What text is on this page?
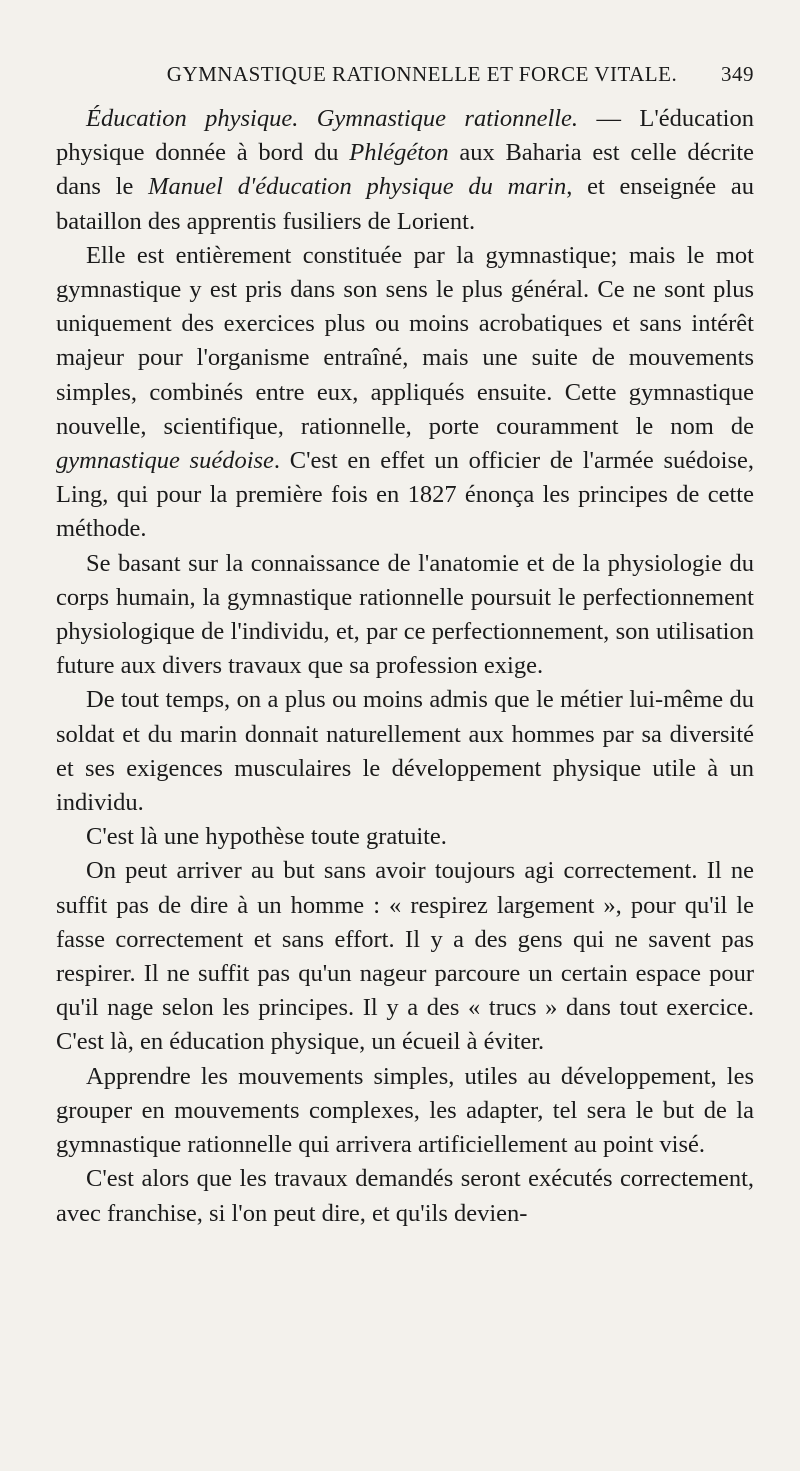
GYMNASTIQUE RATIONNELLE ET FORCE VITALE.	349

Éducation physique. Gymnastique rationnelle. — L'éducation physique donnée à bord du Phlégéton aux Baharia est celle décrite dans le Manuel d'éducation physique du marin, et enseignée au bataillon des apprentis fusiliers de Lorient.

Elle est entièrement constituée par la gymnastique; mais le mot gymnastique y est pris dans son sens le plus général. Ce ne sont plus uniquement des exercices plus ou moins acrobatiques et sans intérêt majeur pour l'organisme entraîné, mais une suite de mouvements simples, combinés entre eux, appliqués ensuite. Cette gymnastique nouvelle, scientifique, rationnelle, porte couramment le nom de gymnastique suédoise. C'est en effet un officier de l'armée suédoise, Ling, qui pour la première fois en 1827 énonça les principes de cette méthode.

Se basant sur la connaissance de l'anatomie et de la physiologie du corps humain, la gymnastique rationnelle poursuit le perfectionnement physiologique de l'individu, et, par ce perfectionnement, son utilisation future aux divers travaux que sa profession exige.

De tout temps, on a plus ou moins admis que le métier lui-même du soldat et du marin donnait naturellement aux hommes par sa diversité et ses exigences musculaires le développement physique utile à un individu.

C'est là une hypothèse toute gratuite.

On peut arriver au but sans avoir toujours agi correctement. Il ne suffit pas de dire à un homme : « respirez largement », pour qu'il le fasse correctement et sans effort. Il y a des gens qui ne savent pas respirer. Il ne suffit pas qu'un nageur parcoure un certain espace pour qu'il nage selon les principes. Il y a des « trucs » dans tout exercice. C'est là, en éducation physique, un écueil à éviter.

Apprendre les mouvements simples, utiles au développement, les grouper en mouvements complexes, les adapter, tel sera le but de la gymnastique rationnelle qui arrivera artificiellement au point visé.

C'est alors que les travaux demandés seront exécutés correctement, avec franchise, si l'on peut dire, et qu'ils devien-
